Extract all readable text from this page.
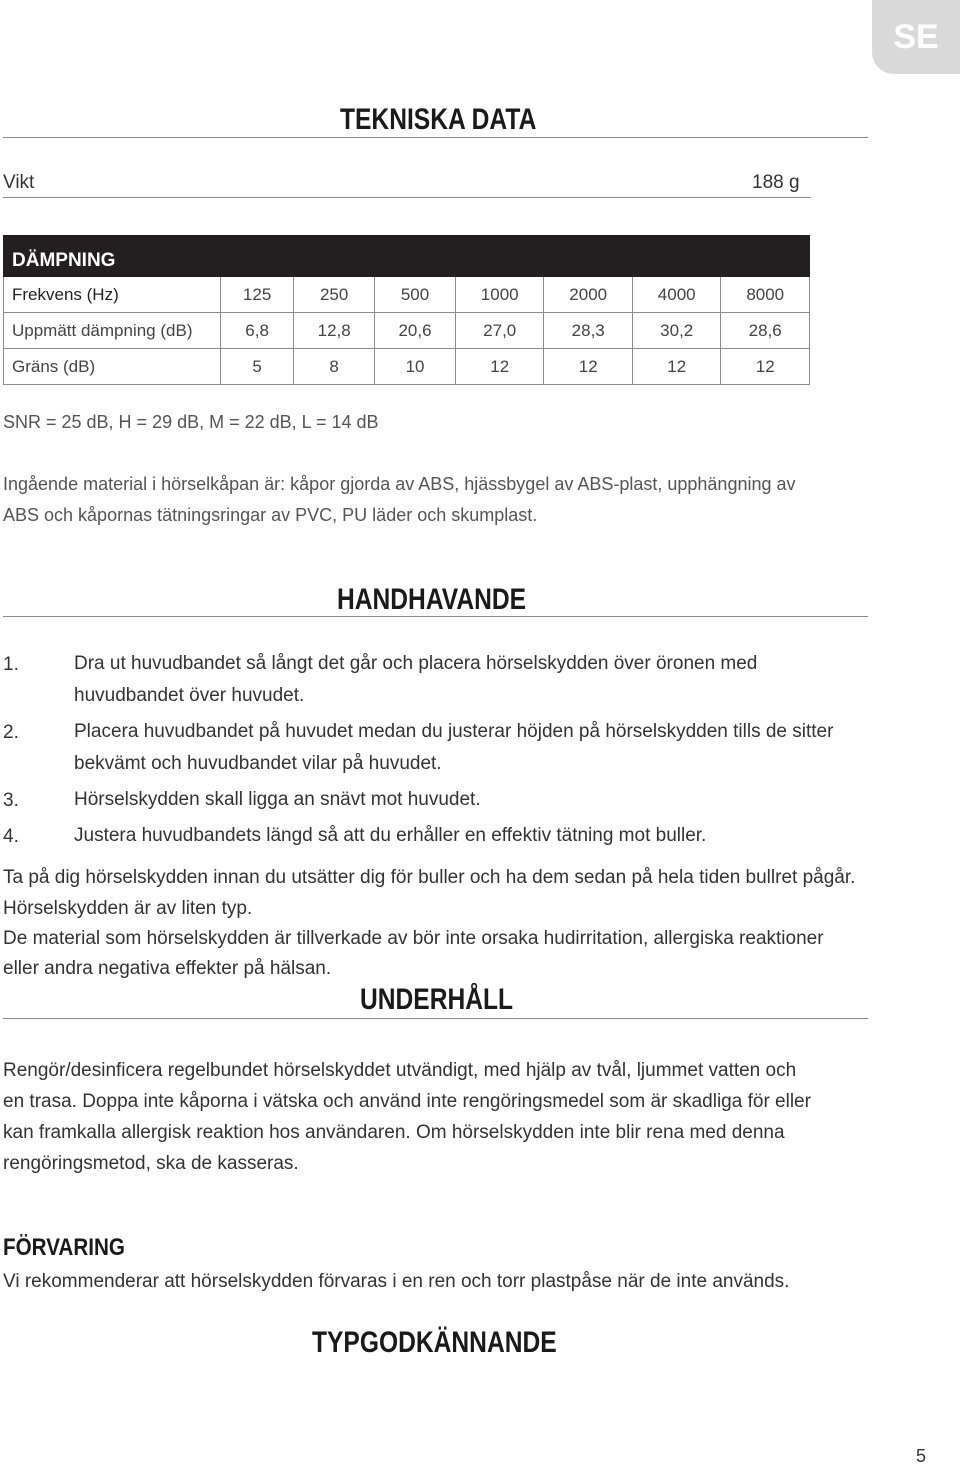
SE
TEKNISKA DATA
Vikt	188 g
DÄMPNING							
Frekvens (Hz)	125	250	500	1000	2000	4000	8000
Uppmätt dämpning (dB)	6,8	12,8	20,6	27,0	28,3	30,2	28,6
Gräns (dB)	5	8	10	12	12	12	12
SNR = 25 dB, H = 29 dB, M = 22 dB, L = 14 dB
Ingående material i hörselkåpan är: kåpor gjorda av ABS, hjässbygel av ABS-plast, upphängning av
ABS och kåpornas tätningsringar av PVC, PU läder och skumplast.
HANDHAVANDE
1.	Dra ut huvudbandet så långt det går och placera hörselskydden över öronen med
huvudbandet över huvudet.
2.	Placera huvudbandet på huvudet medan du justerar höjden på hörselskydden tills de sitter
bekvämt och huvudbandet vilar på huvudet.
3.	Hörselskydden skall ligga an snävt mot huvudet.
4.	Justera huvudbandets längd så att du erhåller en effektiv tätning mot buller.
Ta på dig hörselskydden innan du utsätter dig för buller och ha dem sedan på hela tiden bullret pågår.
Hörselskydden är av liten typ.
De material som hörselskydden är tillverkade av bör inte orsaka hudirritation, allergiska reaktioner
eller andra negativa effekter på hälsan.
UNDERHÅLL
Rengör/desinficera regelbundet hörselskyddet utvändigt, med hjälp av tvål, ljummet vatten och
en trasa. Doppa inte kåporna i vätska och använd inte rengöringsmedel som är skadliga för eller
kan framkalla allergisk reaktion hos användaren. Om hörselskydden inte blir rena med denna
rengöringsmetod, ska de kasseras.
FÖRVARING
Vi rekommenderar att hörselskydden förvaras i en ren och torr plastpåse när de inte används.
TYPGODKÄNNANDE
5
